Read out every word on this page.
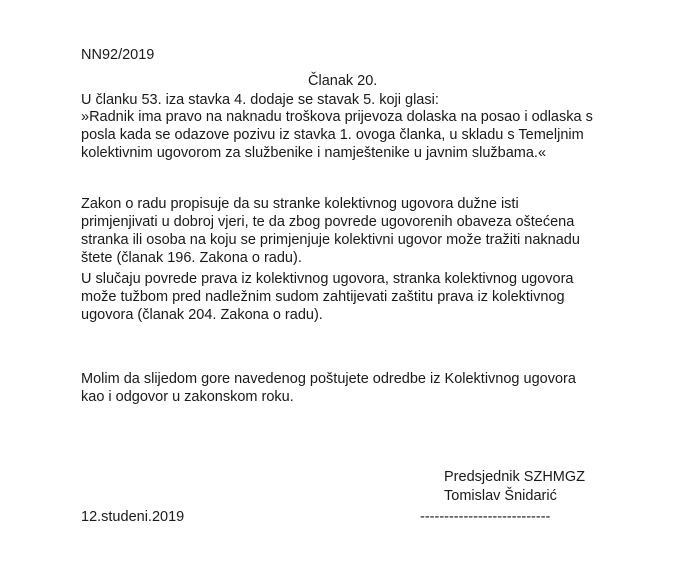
NN92/2019
Članak 20.
U članku 53. iza stavka 4. dodaje se stavak 5. koji glasi:
»Radnik ima pravo na naknadu troškova prijevoza dolaska na posao i odlaska s
posla kada se odazove pozivu iz stavka 1. ovoga članka, u skladu s Temeljnim
kolektivnim ugovorom za službenike i namještenike u javnim službama.«
Zakon o radu propisuje da su stranke kolektivnog ugovora dužne isti
primjenjivati u dobroj vjeri, te da zbog povrede ugovorenih obaveza oštećena
stranka ili osoba na koju se primjenjuje kolektivni ugovor može tražiti naknadu
štete (članak 196. Zakona o radu).
U slučaju povrede prava iz kolektivnog ugovora, stranka kolektivnog ugovora
može tužbom pred nadležnim sudom zahtijevati zaštitu prava iz kolektivnog
ugovora (članak 204. Zakona o radu).
Molim da slijedom gore navedenog poštujete odredbe iz Kolektivnog ugovora
kao i odgovor u zakonskom roku.
Predsjednik SZHMGZ
Tomislav Šnidarić
12.studeni.2019	---------------------------
